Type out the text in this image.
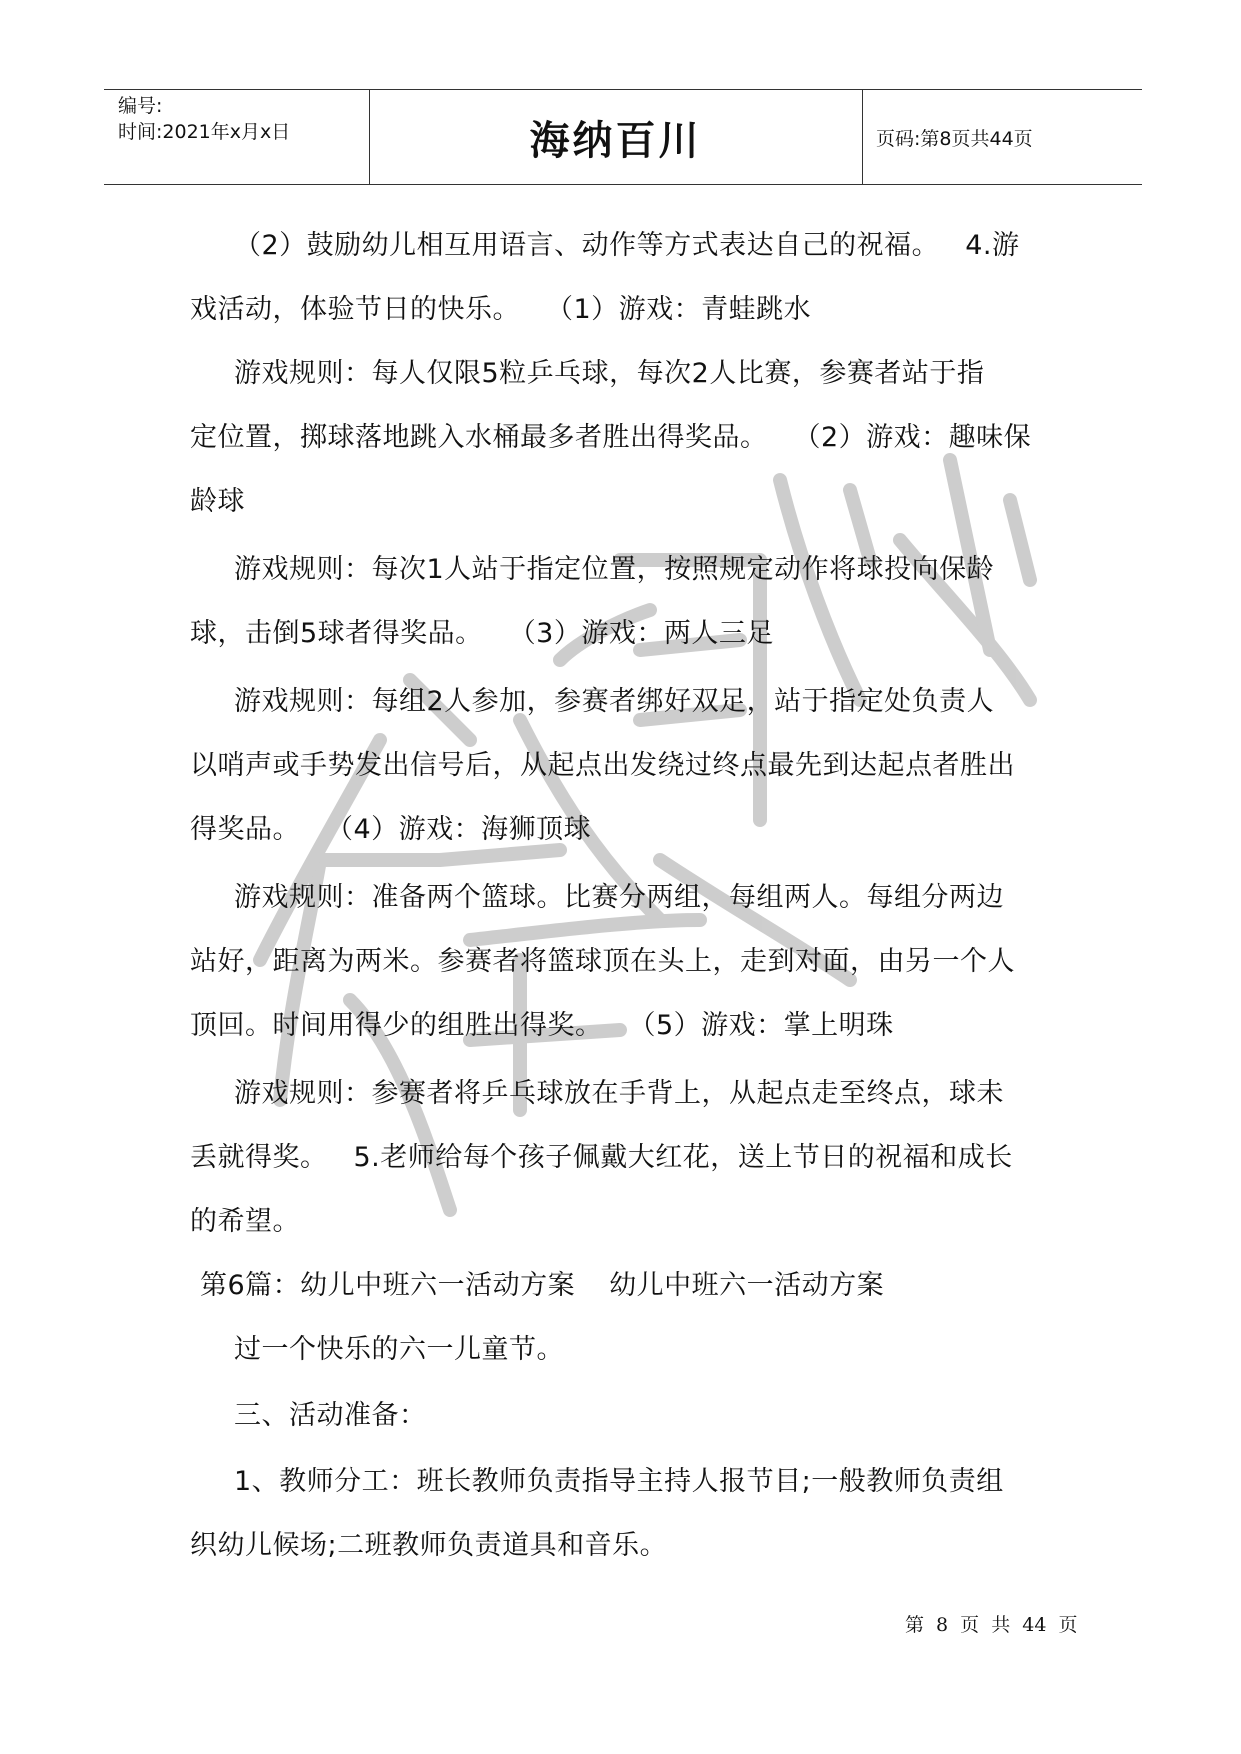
编号:
时间:2021年x月x日	海纳百川	页码:第8页共44页
（2）鼓励幼儿相互用语言、动作等方式表达自己的祝福。 4.游
戏活动，体验节日的快乐。 （1）游戏：青蛙跳水
游戏规则：每人仅限5粒乒乓球，每次2人比赛，参赛者站于指
定位置，掷球落地跳入水桶最多者胜出得奖品。 （2）游戏：趣味保
龄球
游戏规则：每次1人站于指定位置，按照规定动作将球投向保龄
球，击倒5球者得奖品。 （3）游戏：两人三足
游戏规则：每组2人参加，参赛者绑好双足，站于指定处负责人
以哨声或手势发出信号后，从起点出发绕过终点最先到达起点者胜出
得奖品。 （4）游戏：海狮顶球
游戏规则：准备两个篮球。比赛分两组，每组两人。每组分两边
站好，距离为两米。参赛者将篮球顶在头上，走到对面，由另一个人
顶回。时间用得少的组胜出得奖。 （5）游戏：掌上明珠
游戏规则：参赛者将乒乓球放在手背上，从起点走至终点，球未
丢就得奖。 5.老师给每个孩子佩戴大红花，送上节日的祝福和成长
的希望。
第6篇：幼儿中班六一活动方案 幼儿中班六一活动方案
过一个快乐的六一儿童节。
三、活动准备：
1、教师分工：班长教师负责指导主持人报节目;一般教师负责组
织幼儿候场;二班教师负责道具和音乐。
第 8 页 共 44 页
